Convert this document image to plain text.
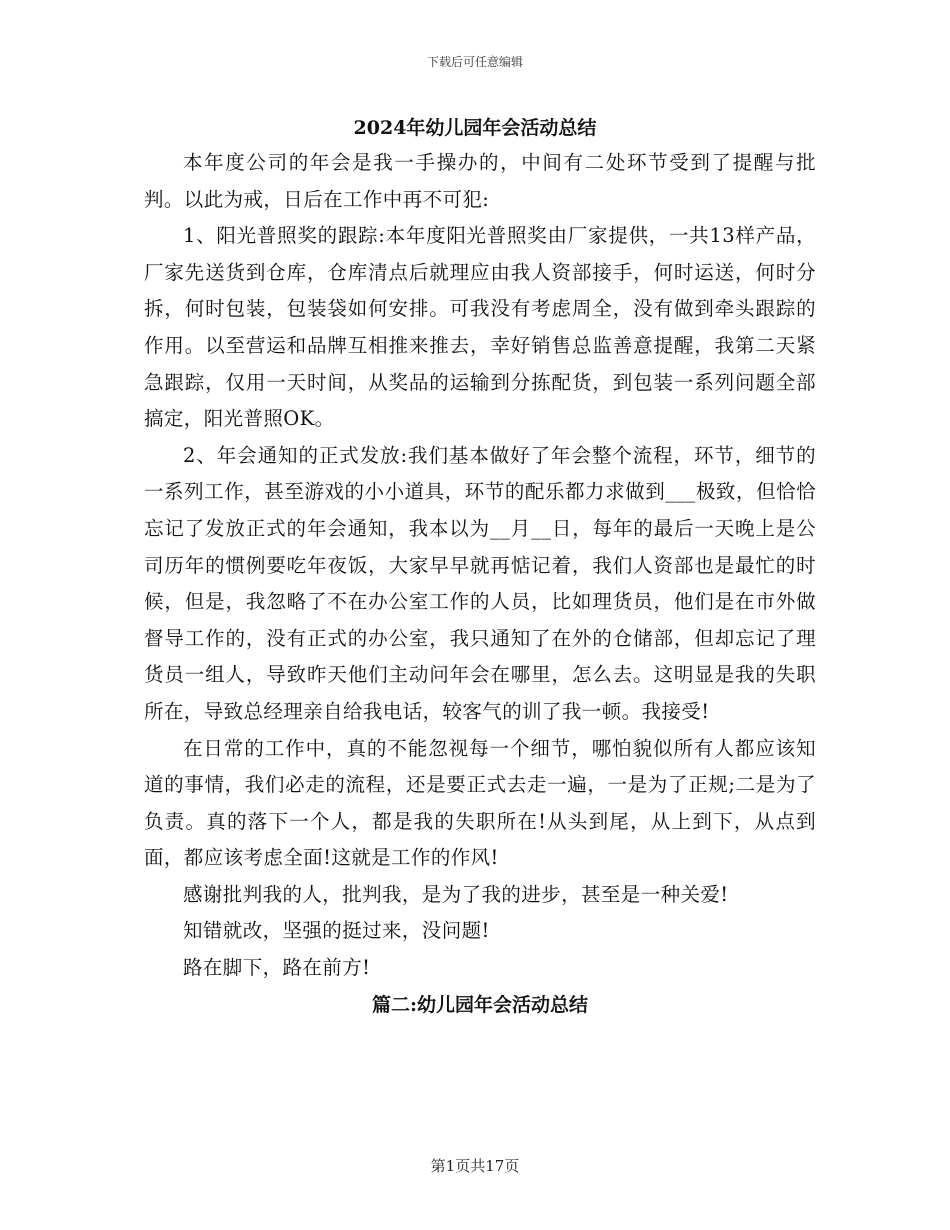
下载后可任意编辑
2024年幼儿园年会活动总结

本年度公司的年会是我一手操办的，中间有二处环节受到了提醒与批判。以此为戒，日后在工作中再不可犯:

1、阳光普照奖的跟踪:本年度阳光普照奖由厂家提供，一共13样产品，厂家先送货到仓库，仓库清点后就理应由我人资部接手，何时运送，何时分拆，何时包装，包装袋如何安排。可我没有考虑周全，没有做到牵头跟踪的作用。以至营运和品牌互相推来推去，幸好销售总监善意提醒，我第二天紧急跟踪，仅用一天时间，从奖品的运输到分拣配货，到包装一系列问题全部搞定，阳光普照OK。

2、年会通知的正式发放:我们基本做好了年会整个流程，环节，细节的一系列工作，甚至游戏的小小道具，环节的配乐都力求做到___极致，但恰恰忘记了发放正式的年会通知，我本以为__月__日，每年的最后一天晚上是公司历年的惯例要吃年夜饭，大家早早就再惦记着，我们人资部也是最忙的时候，但是，我忽略了不在办公室工作的人员，比如理货员，他们是在市外做督导工作的，没有正式的办公室，我只通知了在外的仓储部，但却忘记了理货员一组人，导致昨天他们主动问年会在哪里，怎么去。这明显是我的失职所在，导致总经理亲自给我电话，较客气的训了我一顿。我接受!

在日常的工作中，真的不能忽视每一个细节，哪怕貌似所有人都应该知道的事情，我们必走的流程，还是要正式去走一遍，一是为了正规;二是为了负责。真的落下一个人，都是我的失职所在!从头到尾，从上到下，从点到面，都应该考虑全面!这就是工作的作风!

感谢批判我的人，批判我，是为了我的进步，甚至是一种关爱!

知错就改，坚强的挺过来，没问题!

路在脚下，路在前方!

篇二:幼儿园年会活动总结
第1页共17页
